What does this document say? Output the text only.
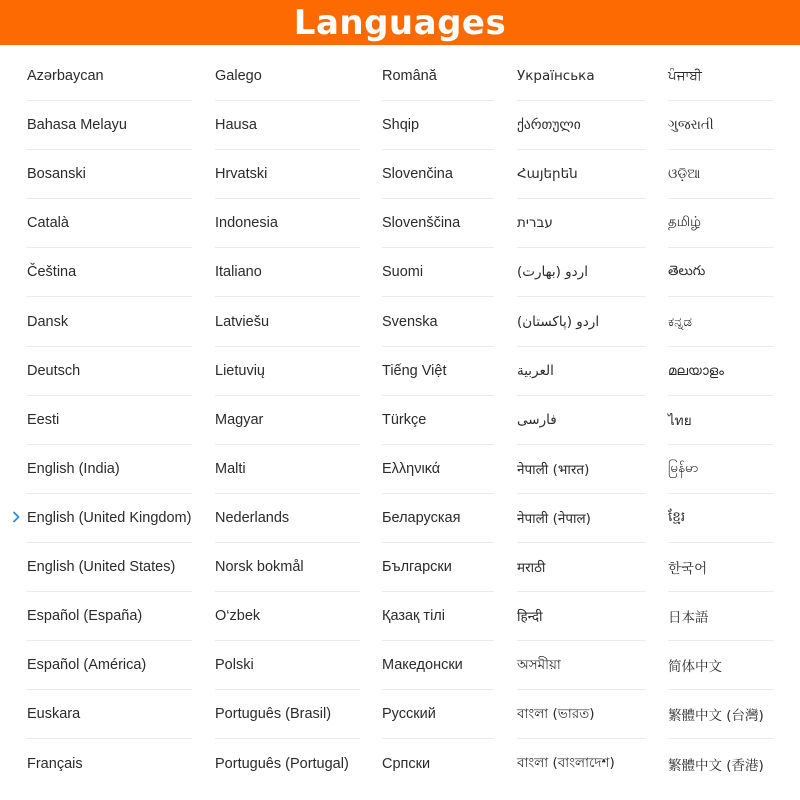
Languages
Azərbaycan
Bahasa Melayu
Bosanski
Català
Čeština
Dansk
Deutsch
Eesti
English (India)
English (United Kingdom)
English (United States)
Español (España)
Español (América)
Euskara
Français
Galego
Hausa
Hrvatski
Indonesia
Italiano
Latviešu
Lietuvių
Magyar
Malti
Nederlands
Norsk bokmål
O‘zbek
Polski
Português (Brasil)
Português (Portugal)
Română
Shqip
Slovenčina
Slovenščina
Suomi
Svenska
Tiếng Việt
Türkçe
Ελληνικά
Беларуская
Български
Қазақ тілі
Македонски
Русский
Српски
Українська
ქართული
Հայերեն
עברית
اردو (بھارت)
اردو (پاکستان)
العربية
فارسی
नेपाली (भारत)
नेपाली (नेपाल)
मराठी
हिन्दी
অসমীয়া
বাংলা (ভারত)
বাংলা (বাংলাদেশ)
ਪੰਜਾਬੀ
ગુજરાતી
ଓଡ଼ିଆ
தமிழ்
తెలుగు
ಕನ್ನಡ
മലയാളം
ไทย
မြန်မာ
ខ្មែរ
한국어
日本語
简体中文
繁體中文 (台灣)
繁體中文 (香港)
